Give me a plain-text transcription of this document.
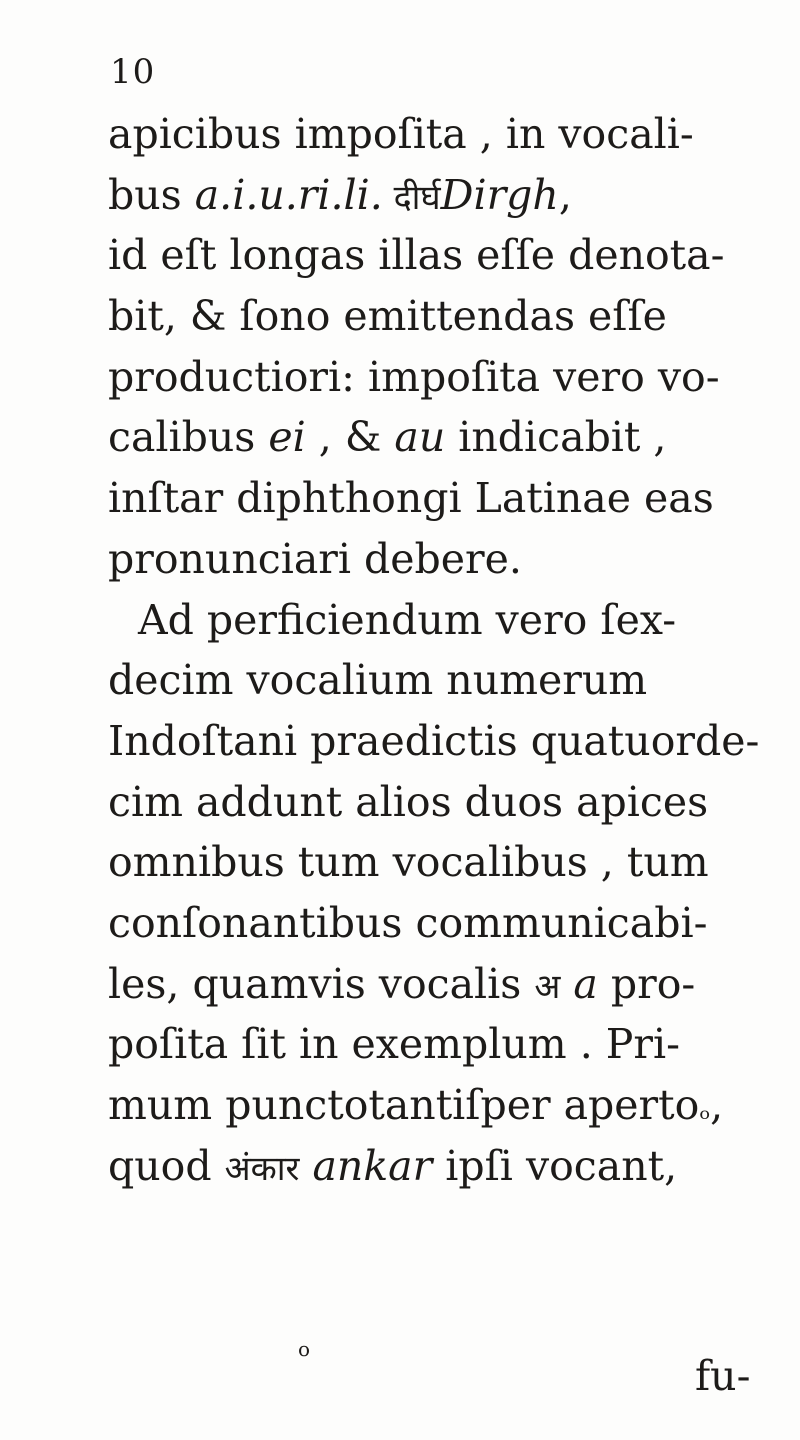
10
apicibus impoſita , in vocali-
bus a.i.u.ri.li. दीर्घDirgh,
id eſt longas illas eſſe denota-
bit, & ſono emittendas eſſe
productiori: impoſita vero vo-
calibus ei , & au indicabit ,
inſtar diphthongi Latinae eas
pronunciari debere.
Ad perficiendum vero ſex-
decim vocalium numerum
Indoſtani praedictis quatuorde-
cim addunt alios duos apices
omnibus tum vocalibus , tum
conſonantibus communicabi-
les, quamvis vocalis अ a pro-
poſita ſit in exemplum . Pri-
mum punctotantiſper apertoₒ,
quod अंकार ankar ipſi vocant,
o
fu-
